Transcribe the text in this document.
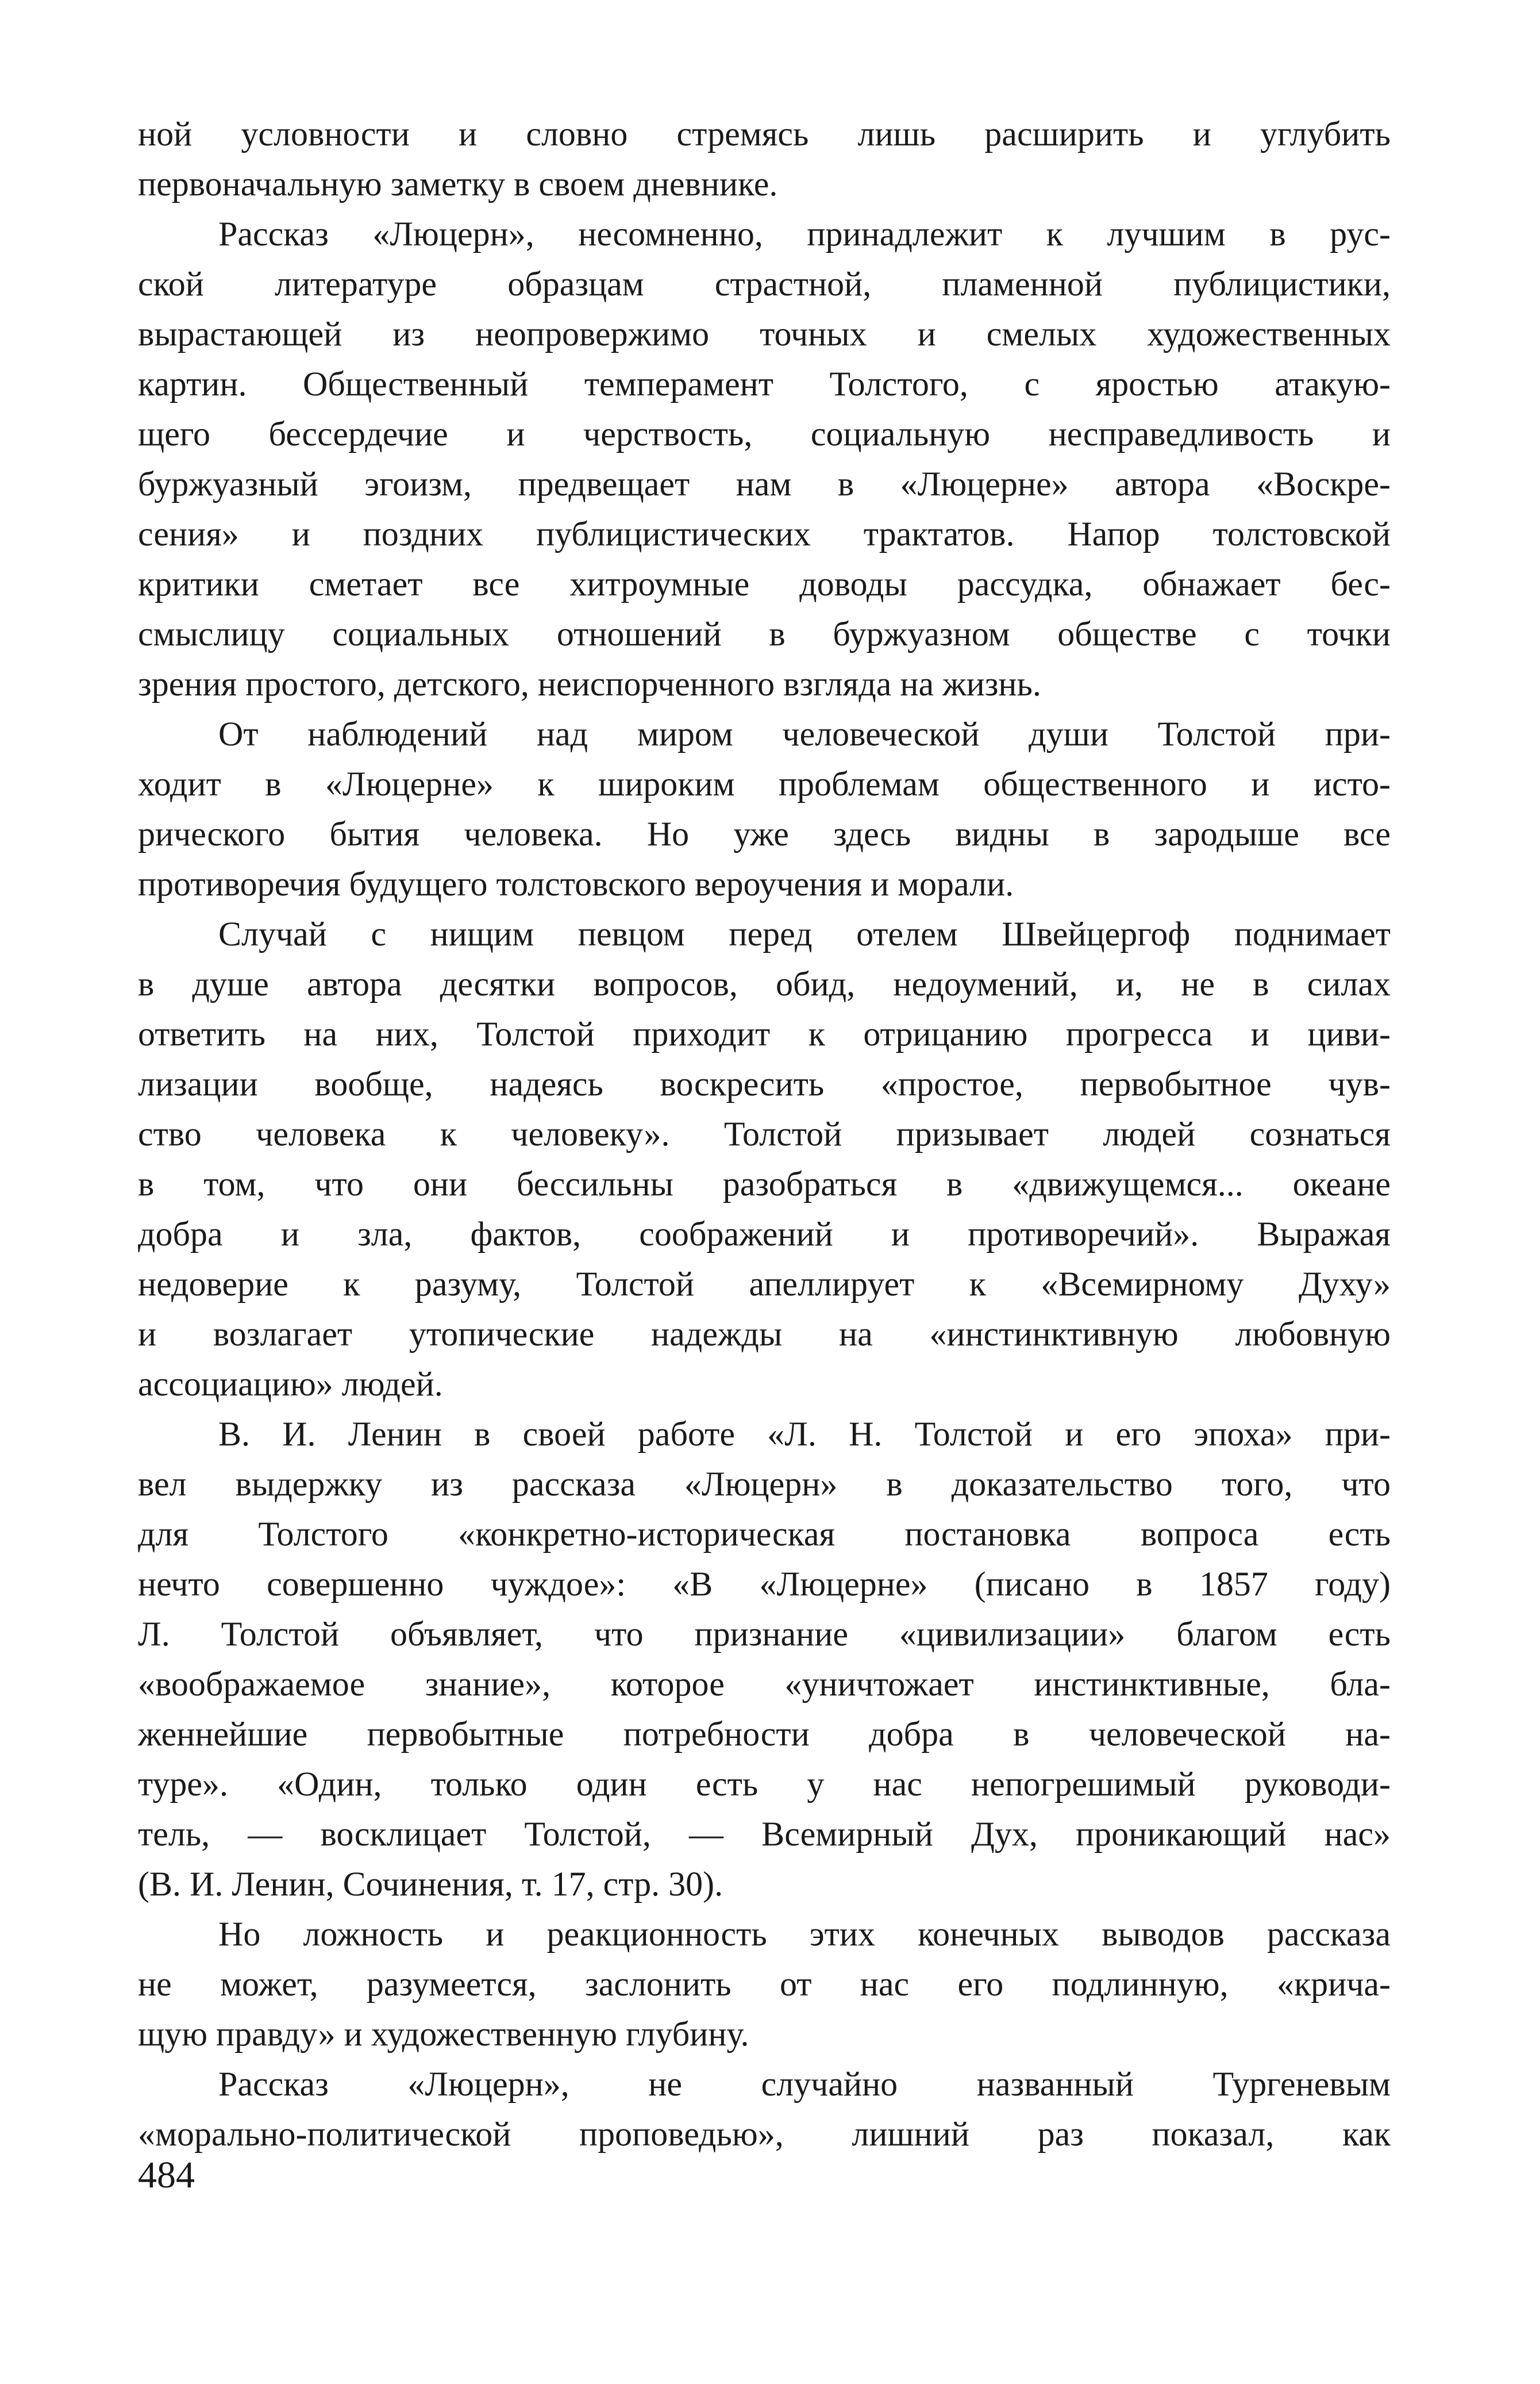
ной условности и словно стремясь лишь расширить и углубить
первоначальную заметку в своем дневнике.
Рассказ «Люцерн», несомненно, принадлежит к лучшим в рус-
ской литературе образцам страстной, пламенной публицистики,
вырастающей из неопровержимо точных и смелых художественных
картин. Общественный темперамент Толстого, с яростью атакую-
щего бессердечие и черствость, социальную несправедливость и
буржуазный эгоизм, предвещает нам в «Люцерне» автора «Воскре-
сения» и поздних публицистических трактатов. Напор толстовской
критики сметает все хитроумные доводы рассудка, обнажает бес-
смыслицу социальных отношений в буржуазном обществе с точки
зрения простого, детского, неиспорченного взгляда на жизнь.
От наблюдений над миром человеческой души Толстой при-
ходит в «Люцерне» к широким проблемам общественного и исто-
рического бытия человека. Но уже здесь видны в зародыше все
противоречия будущего толстовского вероучения и морали.
Случай с нищим певцом перед отелем Швейцергоф поднимает
в душе автора десятки вопросов, обид, недоумений, и, не в силах
ответить на них, Толстой приходит к отрицанию прогресса и циви-
лизации вообще, надеясь воскресить «простое, первобытное чув-
ство человека к человеку». Толстой призывает людей сознаться
в том, что они бессильны разобраться в «движущемся... океане
добра и зла, фактов, соображений и противоречий». Выражая
недоверие к разуму, Толстой апеллирует к «Всемирному Духу»
и возлагает утопические надежды на «инстинктивную любовную
ассоциацию» людей.
В. И. Ленин в своей работе «Л. Н. Толстой и его эпоха» при-
вел выдержку из рассказа «Люцерн» в доказательство того, что
для Толстого «конкретно-историческая постановка вопроса есть
нечто совершенно чуждое»: «В «Люцерне» (писано в 1857 году)
Л. Толстой объявляет, что признание «цивилизации» благом есть
«воображаемое знание», которое «уничтожает инстинктивные, бла-
женнейшие первобытные потребности добра в человеческой на-
туре». «Один, только один есть у нас непогрешимый руководи-
тель, — восклицает Толстой, — Всемирный Дух, проникающий нас»
(В. И. Ленин, Сочинения, т. 17, стр. 30).
Но ложность и реакционность этих конечных выводов рассказа
не может, разумеется, заслонить от нас его подлинную, «крича-
щую правду» и художественную глубину.
Рассказ «Люцерн», не случайно названный Тургеневым
«морально-политической проповедью», лишний раз показал, как
484
